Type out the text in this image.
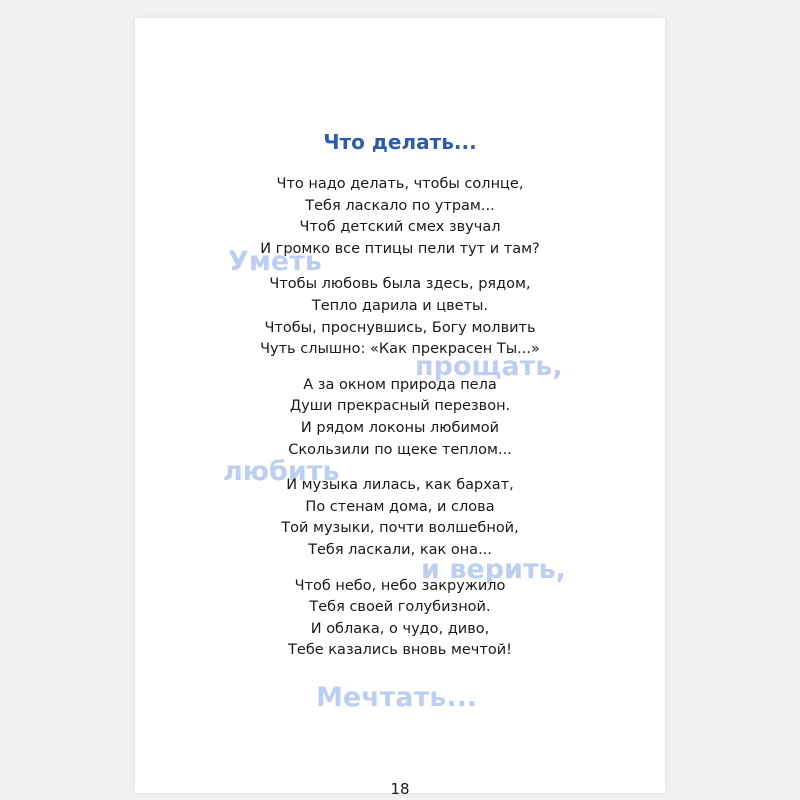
Уметь
прощать,
любить
и верить,
Мечтать...
Что делать...
Что надо делать, чтобы солнце,
Тебя ласкало по утрам...
Чтоб детский смех звучал
И громко все птицы пели тут и там?
Чтобы любовь была здесь, рядом,
Тепло дарила и цветы.
Чтобы, проснувшись, Богу молвить
Чуть слышно: «Как прекрасен Ты...»
А за окном природа пела
Души прекрасный перезвон.
И рядом локоны любимой
Скользили по щеке теплом...
И музыка лилась, как бархат,
По стенам дома, и слова
Той музыки, почти волшебной,
Тебя ласкали, как она...
Чтоб небо, небо закружило
Тебя своей голубизной.
И облака, о чудо, диво,
Тебе казались вновь мечтой!
18
